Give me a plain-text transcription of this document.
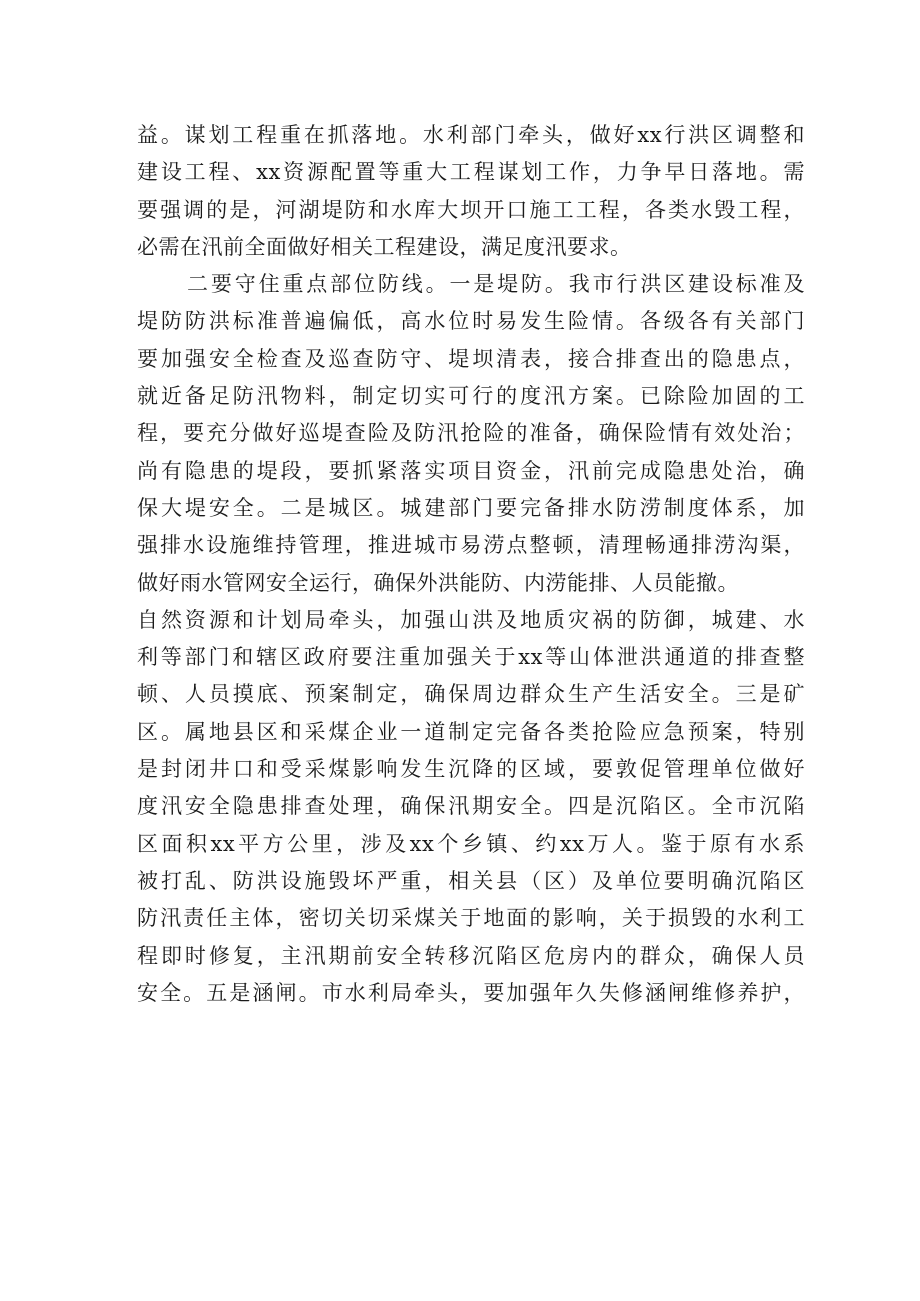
益。谋划工程重在抓落地。水利部门牵头，做好xx行洪区调整和
建设工程、xx资源配置等重大工程谋划工作，力争早日落地。需
要强调的是，河湖堤防和水库大坝开口施工工程，各类水毁工程，
必需在汛前全面做好相关工程建设，满足度汛要求。
二要守住重点部位防线。一是堤防。我市行洪区建设标准及
堤防防洪标准普遍偏低，高水位时易发生险情。各级各有关部门
要加强安全检查及巡查防守、堤坝清表，接合排查出的隐患点，
就近备足防汛物料，制定切实可行的度汛方案。已除险加固的工
程，要充分做好巡堤查险及防汛抢险的准备，确保险情有效处治；
尚有隐患的堤段，要抓紧落实项目资金，汛前完成隐患处治，确
保大堤安全。二是城区。城建部门要完备排水防涝制度体系，加
强排水设施维持管理，推进城市易涝点整顿，清理畅通排涝沟渠，
做好雨水管网安全运行，确保外洪能防、内涝能排、人员能撤。
自然资源和计划局牵头，加强山洪及地质灾祸的防御，城建、水
利等部门和辖区政府要注重加强关于xx等山体泄洪通道的排查整
顿、人员摸底、预案制定，确保周边群众生产生活安全。三是矿
区。属地县区和采煤企业一道制定完备各类抢险应急预案，特别
是封闭井口和受采煤影响发生沉降的区域，要敦促管理单位做好
度汛安全隐患排查处理，确保汛期安全。四是沉陷区。全市沉陷
区面积xx平方公里，涉及xx个乡镇、约xx万人。鉴于原有水系
被打乱、防洪设施毁坏严重，相关县（区）及单位要明确沉陷区
防汛责任主体，密切关切采煤关于地面的影响，关于损毁的水利工
程即时修复，主汛期前安全转移沉陷区危房内的群众，确保人员
安全。五是涵闸。市水利局牵头，要加强年久失修涵闸维修养护，
